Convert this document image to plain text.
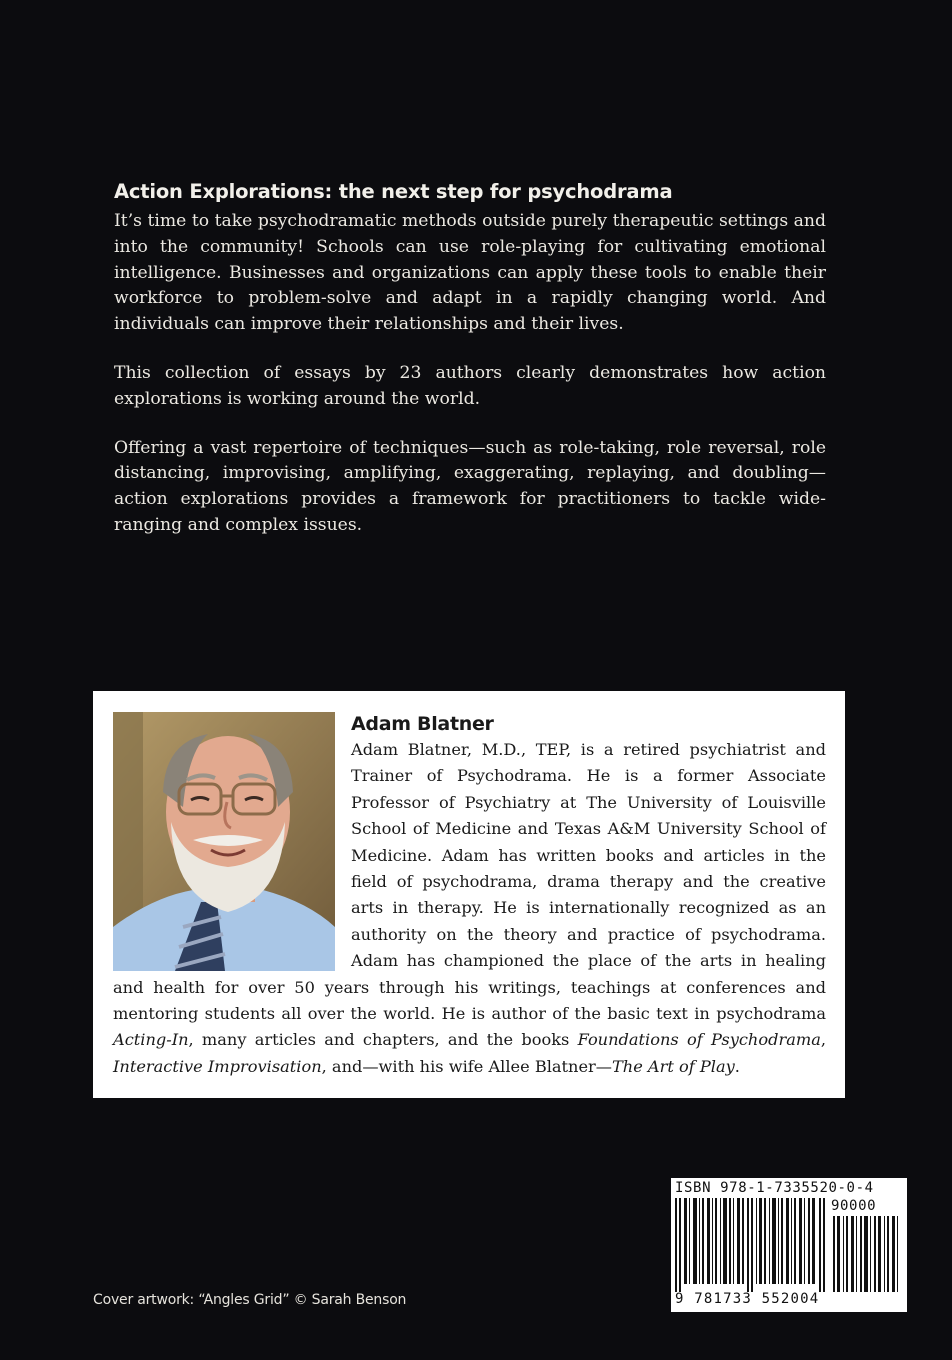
Action Explorations: the next step for psychodrama

It’s time to take psychodramatic methods outside purely therapeutic settings and into the community! Schools can use role-playing for cultivating emotional intelligence. Businesses and organizations can apply these tools to enable their workforce to problem-solve and adapt in a rapidly changing world. And individuals can improve their relationships and their lives.

This collection of essays by 23 authors clearly demonstrates how action explorations is working around the world.

Offering a vast repertoire of techniques—such as role-taking, role reversal, role distancing, improvising, amplifying, exaggerating, replaying, and doubling—action explorations provides a framework for practitioners to tackle wide-ranging and complex issues.

Adam Blatner

Adam Blatner, M.D., TEP, is a retired psychiatrist and Trainer of Psychodrama. He is a former Associate Professor of Psychiatry at The University of Louisville School of Medicine and Texas A&M University School of Medicine. Adam has written books and articles in the field of psychodrama, drama therapy and the creative arts in therapy. He is internationally recognized as an authority on the theory and practice of psychodrama. Adam has championed the place of the arts in healing and health for over 50 years through his writings, teachings at conferences and mentoring students all over the world. He is author of the basic text in psychodrama Acting-In, many articles and chapters, and the books Foundations of Psychodrama, Interactive Improvisation, and—with his wife Allee Blatner—The Art of Play.

ISBN 978-1-7335520-0-4
90000
9 781733 552004
Cover artwork: “Angles Grid” © Sarah Benson
